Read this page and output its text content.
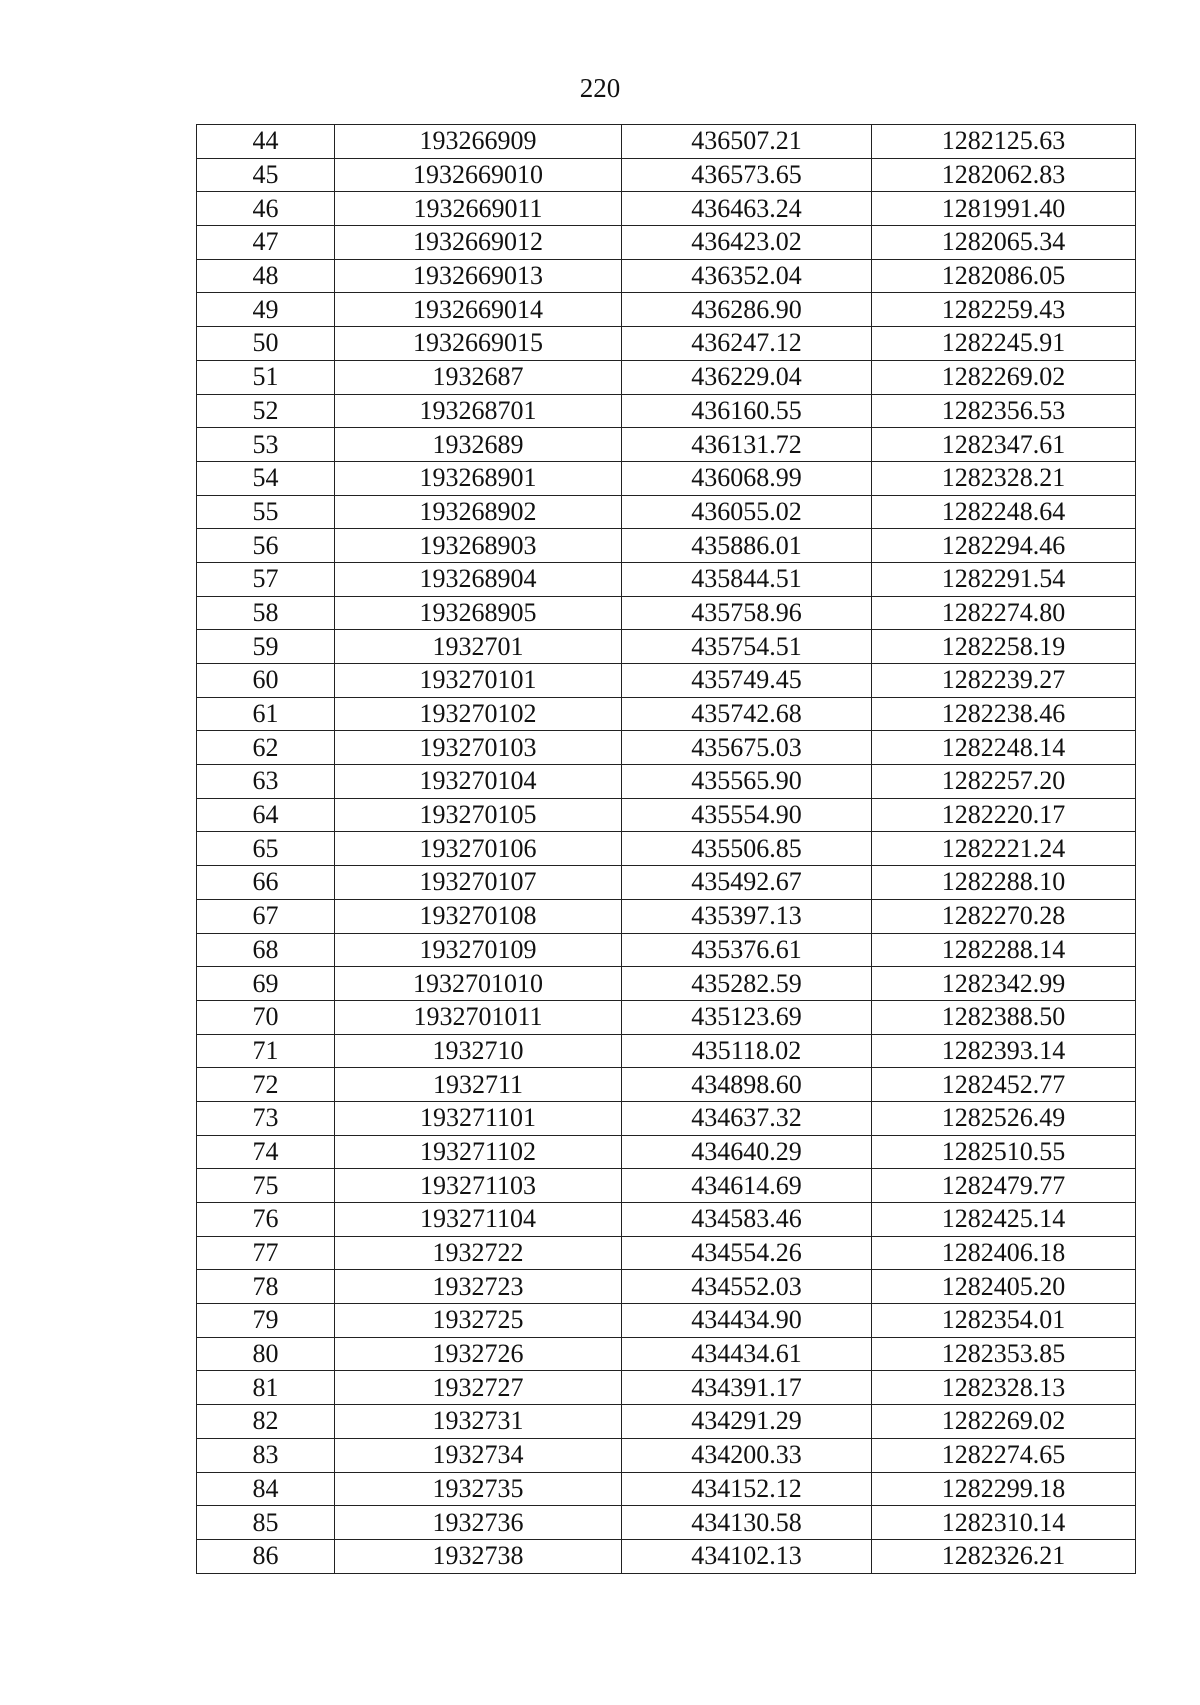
220
44	193266909	436507.21	1282125.63
45	1932669010	436573.65	1282062.83
46	1932669011	436463.24	1281991.40
47	1932669012	436423.02	1282065.34
48	1932669013	436352.04	1282086.05
49	1932669014	436286.90	1282259.43
50	1932669015	436247.12	1282245.91
51	1932687	436229.04	1282269.02
52	193268701	436160.55	1282356.53
53	1932689	436131.72	1282347.61
54	193268901	436068.99	1282328.21
55	193268902	436055.02	1282248.64
56	193268903	435886.01	1282294.46
57	193268904	435844.51	1282291.54
58	193268905	435758.96	1282274.80
59	1932701	435754.51	1282258.19
60	193270101	435749.45	1282239.27
61	193270102	435742.68	1282238.46
62	193270103	435675.03	1282248.14
63	193270104	435565.90	1282257.20
64	193270105	435554.90	1282220.17
65	193270106	435506.85	1282221.24
66	193270107	435492.67	1282288.10
67	193270108	435397.13	1282270.28
68	193270109	435376.61	1282288.14
69	1932701010	435282.59	1282342.99
70	1932701011	435123.69	1282388.50
71	1932710	435118.02	1282393.14
72	1932711	434898.60	1282452.77
73	193271101	434637.32	1282526.49
74	193271102	434640.29	1282510.55
75	193271103	434614.69	1282479.77
76	193271104	434583.46	1282425.14
77	1932722	434554.26	1282406.18
78	1932723	434552.03	1282405.20
79	1932725	434434.90	1282354.01
80	1932726	434434.61	1282353.85
81	1932727	434391.17	1282328.13
82	1932731	434291.29	1282269.02
83	1932734	434200.33	1282274.65
84	1932735	434152.12	1282299.18
85	1932736	434130.58	1282310.14
86	1932738	434102.13	1282326.21
